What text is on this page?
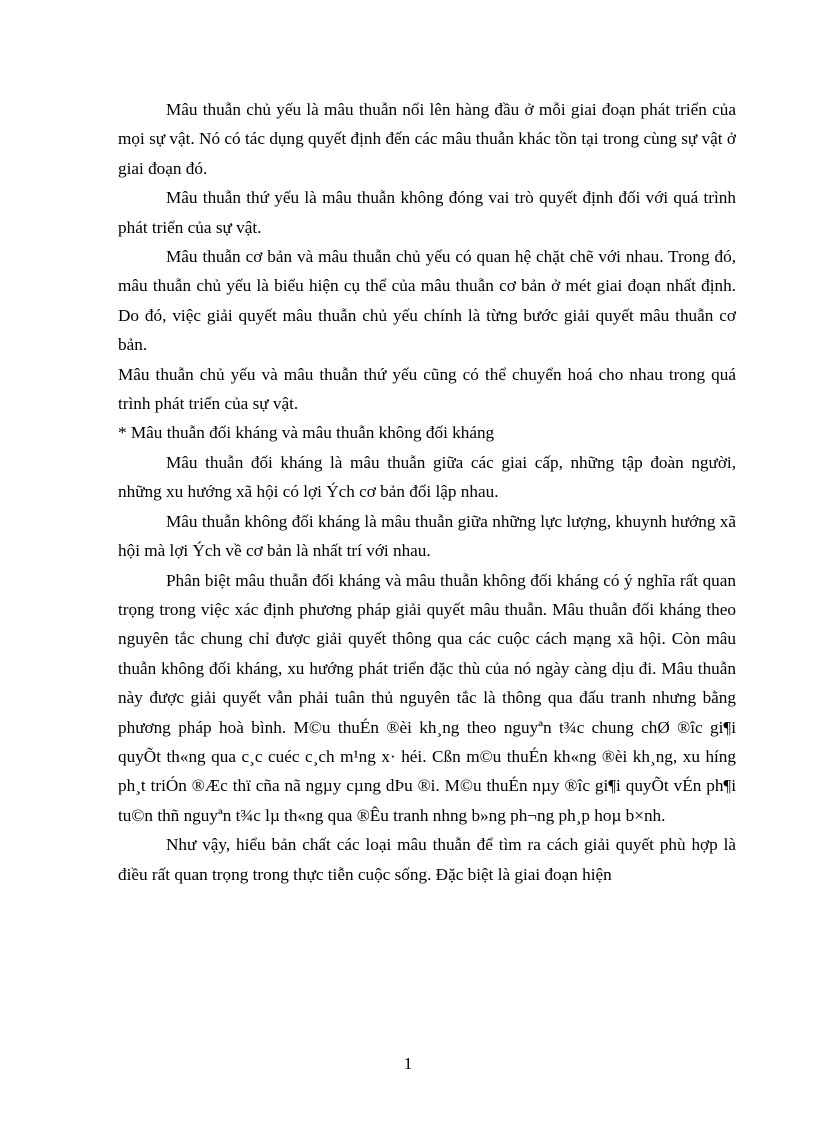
Mâu thuẫn chủ yếu là mâu thuẫn nổi lên hàng đầu ở mỗi giai đoạn phát triển của mọi sự vật. Nó có tác dụng quyết định đến các mâu thuẫn khác tồn tại trong cùng sự vật ở giai đoạn đó.

Mâu thuẫn thứ yếu là mâu thuẫn không đóng vai trò quyết định đối với quá trình phát triển của sự vật.

Mâu thuẫn cơ bản và mâu thuẫn chủ yếu có quan hệ chặt chẽ với nhau. Trong đó, mâu thuẫn chủ yếu là biểu hiện cụ thể của mâu thuẫn cơ bản ở mét giai đoạn nhất định. Do đó, việc giải quyết mâu thuẫn chủ yếu chính là từng bước giải quyết mâu thuẫn cơ bản.

Mâu thuẫn chủ yếu và mâu thuẫn thứ yếu cũng có thể chuyển hoá cho nhau trong quá trình phát triển của sự vật.

* Mâu thuẫn đối kháng và mâu thuẫn không đối kháng

Mâu thuẫn đối kháng là mâu thuẫn giữa các giai cấp, những tập đoàn người, những xu hướng xã hội có lợi Ých cơ bản đối lập nhau.

Mâu thuẫn không đối kháng là mâu thuẫn giữa những lực lượng, khuynh hướng xã hội mà lợi Ých về cơ bản là nhất trí với nhau.

Phân biệt mâu thuẫn đối kháng và mâu thuẫn không đối kháng có ý nghĩa rất quan trọng trong việc xác định phương pháp giải quyết mâu thuẫn. Mâu thuẫn đối kháng theo nguyên tắc chung chỉ được giải quyết thông qua các cuộc cách mạng xã hội. Còn mâu thuẫn không đối kháng, xu hướng phát triển đặc thù của nó ngày càng dịu đi. Mâu thuẫn này được giải quyết vẫn phải tuân thủ nguyên tắc là thông qua đấu tranh nhưng bằng phương pháp hoà bình. M©u thuÉn ®èi kh¸ng theo nguyªn t¾c chung chØ ®îc gi¶i quyÕt th«ng qua c¸c cuéc c¸ch m¹ng x· héi. Cßn m©u thuÉn kh«ng ®èi kh¸ng, xu híng ph¸t triÓn ®Æc thï cña nã ngµy cµng dÞu ®i. M©u thuÉn nµy ®îc gi¶i quyÕt vÉn ph¶i tu©n thñ nguyªn t¾c lµ th«ng qua ®Êu tranh nhng b»ng ph¬ng ph¸p hoµ b×nh.

Như vậy, hiểu bản chất các loại mâu thuẫn để tìm ra cách giải quyết phù hợp là điều rất quan trọng trong thực tiễn cuộc sống. Đặc biệt là giai đoạn hiện

1
